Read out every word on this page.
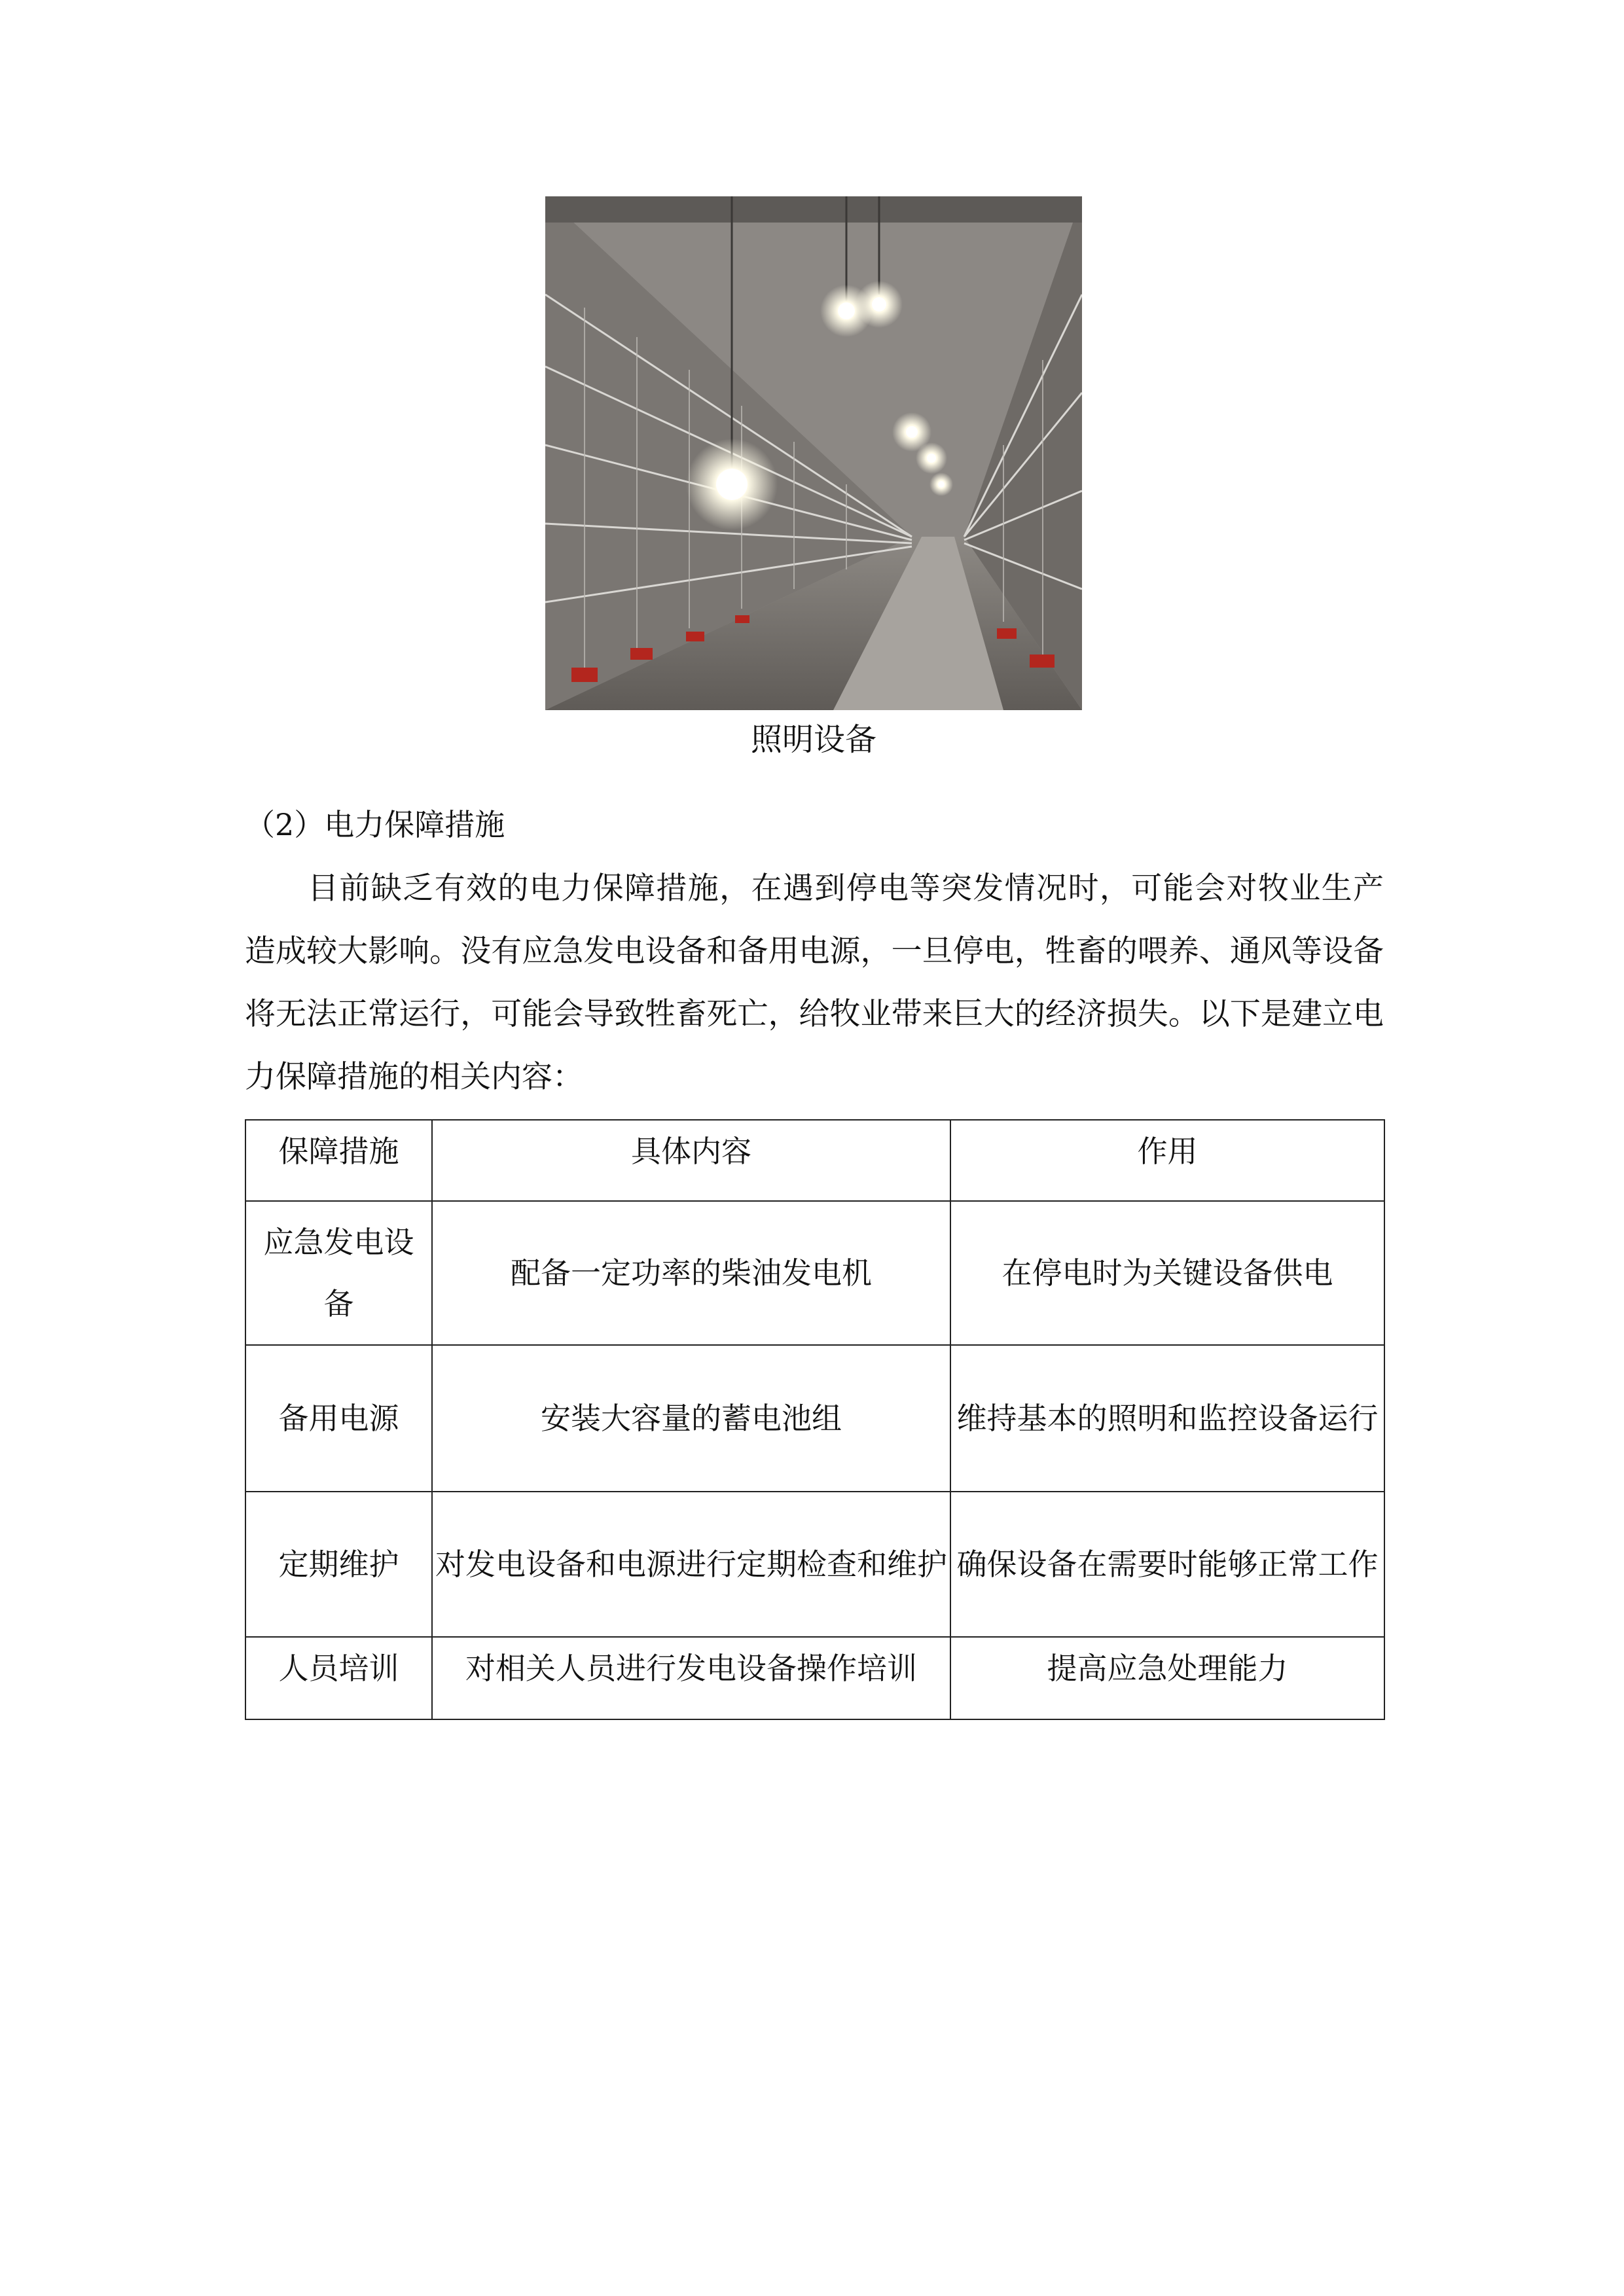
照明设备
（2）电力保障措施

目前缺乏有效的电力保障措施，在遇到停电等突发情况时，可能会对牧业生产造成较大影响。没有应急发电设备和备用电源，一旦停电，牲畜的喂养、通风等设备将无法正常运行，可能会导致牲畜死亡，给牧业带来巨大的经济损失。以下是建立电力保障措施的相关内容：

保障措施	具体内容	作用
应急发电设备	配备一定功率的柴油发电机	在停电时为关键设备供电
备用电源	安装大容量的蓄电池组	维持基本的照明和监控设备运行
定期维护	对发电设备和电源进行定期检查和维护	确保设备在需要时能够正常工作
人员培训	对相关人员进行发电设备操作培训	提高应急处理能力
